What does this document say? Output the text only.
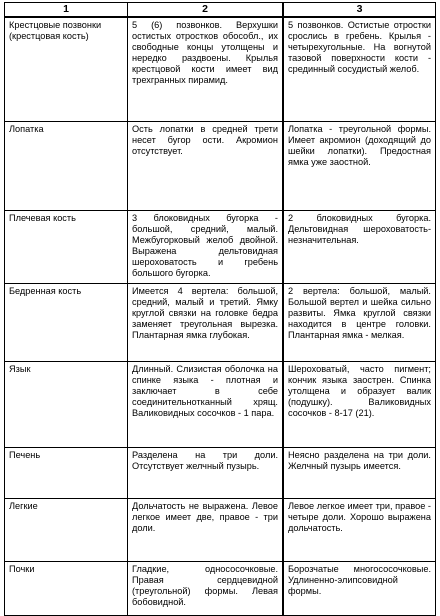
1	2	3
Крестцовые позвонки (крестцовая кость)	5 (6) позвонков. Верхушки остистых отростков обособл., их свободные концы утолщены и нередко раздвоены. Крылья крестцовой кости имеет вид трехгранных пирамид.	5 позвонков. Остистые отростки срослись в гребень. Крылья - четырехугольные. На вогнутой тазовой поверхности кости - срединный сосудистый желоб.
Лопатка	Ость лопатки в средней трети несет бугор ости. Акромион отсутствует.	Лопатка - треугольной формы. Имеет акромион (доходящий до шейки лопатки). Предостная ямка уже заостной.
Плечевая кость	3 блоковидных бугорка - большой, средний, малый. Межбугорковый желоб двойной. Выражена дельтовидная шероховатость и гребень большого бугорка.	2 блоковидных бугорка. Дельтовидная шероховатость- незначительная.
Бедренная кость	Имеется 4 вертела: большой, средний, малый и третий. Ямку круглой связки на головке бедра заменяет треугольная вырезка. Плантарная ямка глубокая.	2 вертела: большой, малый. Большой вертел и шейка сильно развиты. Ямка круглой связки находится в центре головки. Плантарная ямка - мелкая.
Язык	Длинный. Слизистая оболочка на спинке языка - плотная и заключает в себе соединительнотканный хрящ. Валиковидных сосочков - 1 пара.	Шероховатый, часто пигмент; кончик языка заострен. Спинка утолщена и образует валик (подушку). Валиковидных сосочков - 8-17 (21).
Печень	Разделена на три доли. Отсутствует желчный пузырь.	Неясно разделена на три доли. Желчный пузырь имеется.
Легкие	Дольчатость не выражена. Левое легкое имеет две, правое - три доли.	Левое легкое имеет три, правое - четыре доли. Хорошо выражена дольчатость.
Почки	Гладкие, однососочковые. Правая сердцевидной (треугольной) формы. Левая бобовидной.	Борозчатые многососочковые. Удлиненно-элипсовидной формы.
